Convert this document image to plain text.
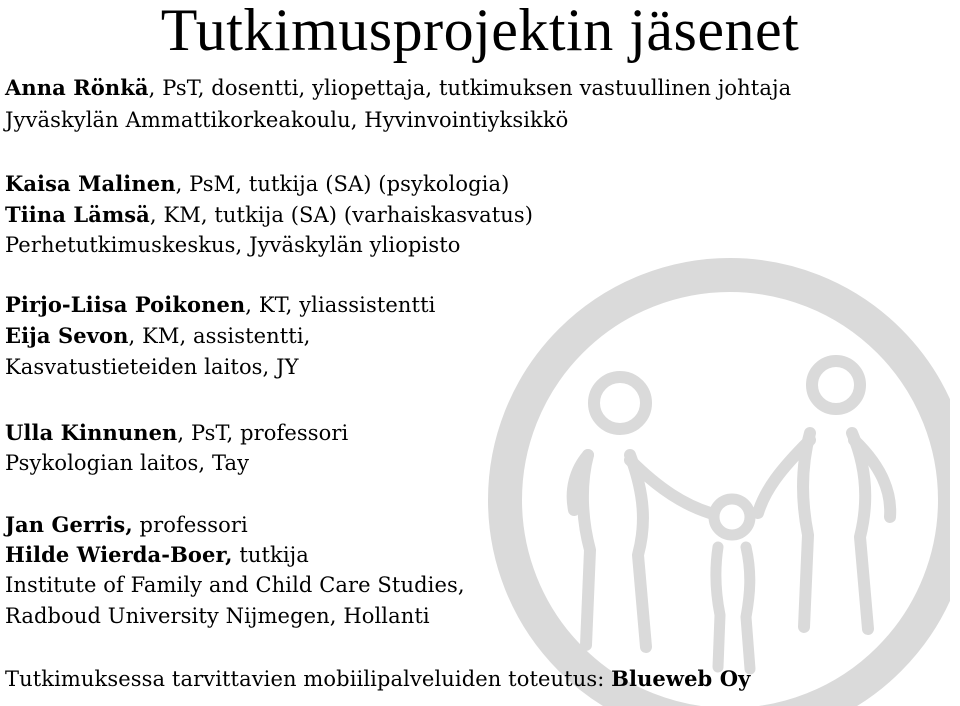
Tutkimusprojektin jäsenet
Anna Rönkä, PsT, dosentti, yliopettaja, tutkimuksen vastuullinen johtaja
Jyväskylän Ammattikorkeakoulu, Hyvinvointiyksikkö
Kaisa Malinen, PsM, tutkija (SA) (psykologia)
Tiina Lämsä, KM, tutkija (SA) (varhaiskasvatus)
Perhetutkimuskeskus, Jyväskylän yliopisto
Pirjo-Liisa Poikonen, KT, yliassistentti
Eija Sevon, KM, assistentti,
Kasvatustieteiden laitos, JY
Ulla Kinnunen, PsT, professori
Psykologian laitos, Tay
Jan Gerris, professori
Hilde Wierda-Boer, tutkija
Institute of Family and Child Care Studies,
Radboud University Nijmegen, Hollanti
Tutkimuksessa tarvittavien mobiilipalveluiden toteutus: Blueweb Oy
